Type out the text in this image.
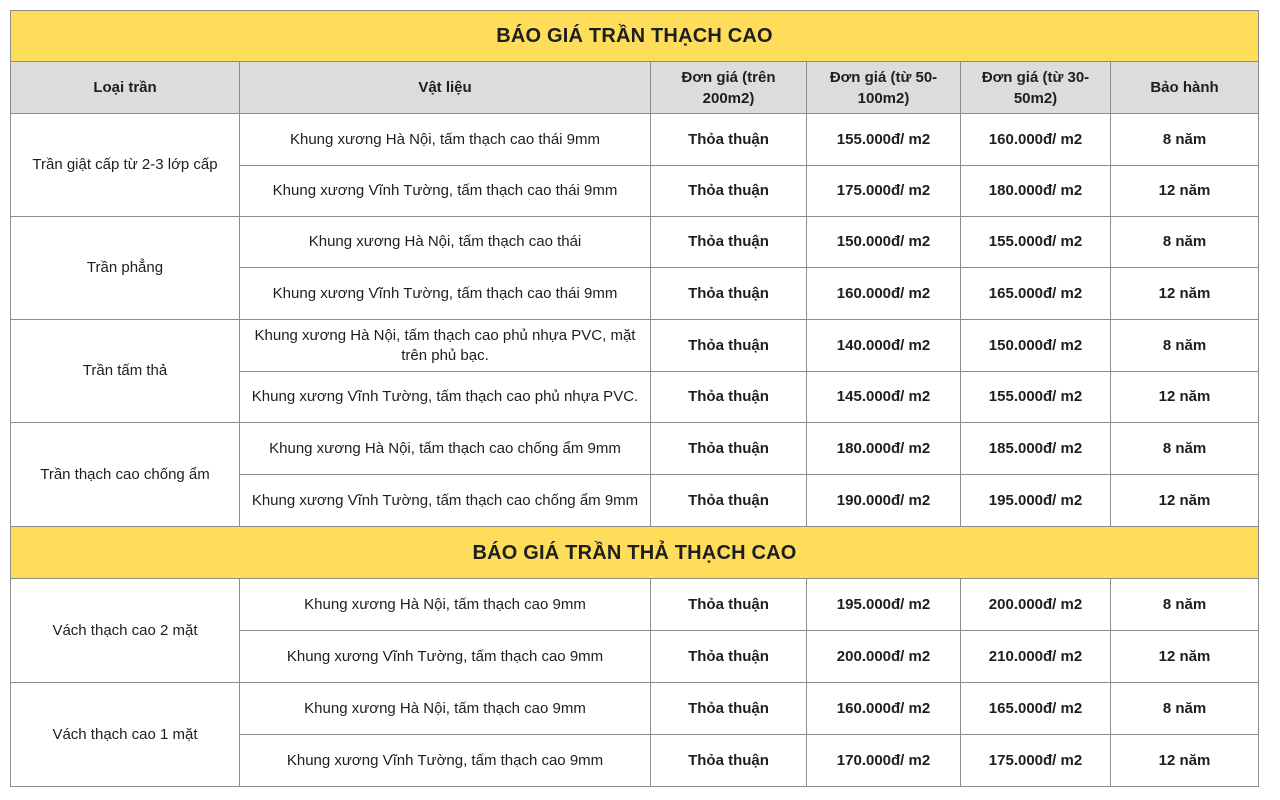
BÁO GIÁ TRẦN THẠCH CAO					
Loại trần	Vật liệu	Đơn giá (trên 200m2)	Đơn giá (từ 50-100m2)	Đơn giá (từ 30-50m2)	Bảo hành
Trần giật cấp từ 2-3 lớp cấp	Khung xương Hà Nội, tấm thạch cao thái 9mm	Thỏa thuận	155.000đ/ m2	160.000đ/ m2	8 năm
	Khung xương Vĩnh Tường, tấm thạch cao thái 9mm	Thỏa thuận	175.000đ/ m2	180.000đ/ m2	12 năm
Trần phẳng	Khung xương Hà Nội, tấm thạch cao thái	Thỏa thuận	150.000đ/ m2	155.000đ/ m2	8 năm
	Khung xương Vĩnh Tường, tấm thạch cao thái 9mm	Thỏa thuận	160.000đ/ m2	165.000đ/ m2	12 năm
Trần tấm thả	Khung xương Hà Nội, tấm thạch cao phủ nhựa PVC, mặt trên phủ bạc.	Thỏa thuận	140.000đ/ m2	150.000đ/ m2	8 năm
	Khung xương Vĩnh Tường, tấm thạch cao phủ nhựa PVC.	Thỏa thuận	145.000đ/ m2	155.000đ/ m2	12 năm
Trần thạch cao chống ẩm	Khung xương Hà Nội, tấm thạch cao chống ẩm 9mm	Thỏa thuận	180.000đ/ m2	185.000đ/ m2	8 năm
	Khung xương Vĩnh Tường, tấm thạch cao chống ẩm 9mm	Thỏa thuận	190.000đ/ m2	195.000đ/ m2	12 năm
BÁO GIÁ TRẦN THẢ THẠCH CAO					
Vách thạch cao 2 mặt	Khung xương Hà Nội, tấm thạch cao 9mm	Thỏa thuận	195.000đ/ m2	200.000đ/ m2	8 năm
	Khung xương Vĩnh Tường, tấm thạch cao 9mm	Thỏa thuận	200.000đ/ m2	210.000đ/ m2	12 năm
Vách thạch cao 1 mặt	Khung xương Hà Nội, tấm thạch cao 9mm	Thỏa thuận	160.000đ/ m2	165.000đ/ m2	8 năm
	Khung xương Vĩnh Tường, tấm thạch cao 9mm	Thỏa thuận	170.000đ/ m2	175.000đ/ m2	12 năm
